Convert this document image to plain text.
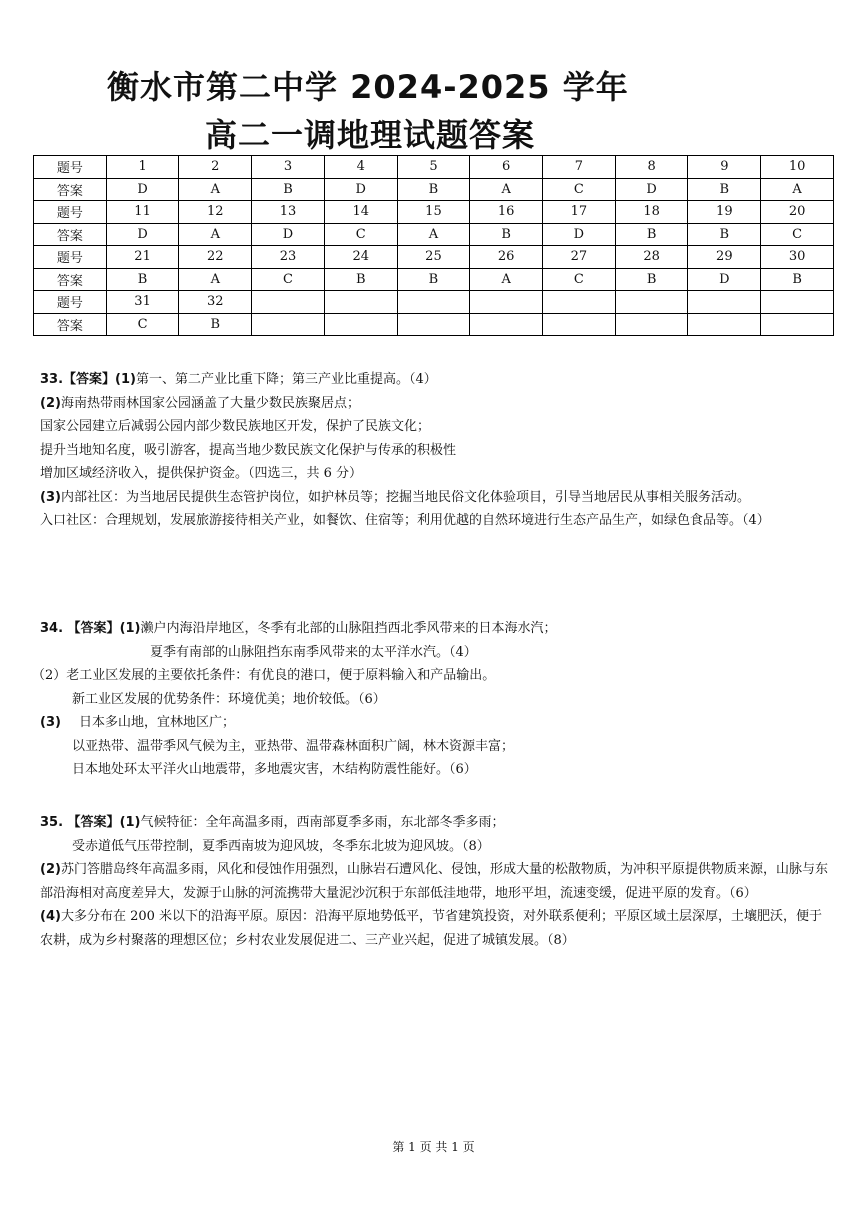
衡水市第二中学 2024-2025 学年
高二一调地理试题答案
题号	1	2	3	4	5	6	7	8	9	10
答案	D	A	B	D	B	A	C	D	B	A
题号	11	12	13	14	15	16	17	18	19	20
答案	D	A	D	C	A	B	D	B	B	C
题号	21	22	23	24	25	26	27	28	29	30
答案	B	A	C	B	B	A	C	B	D	B
题号	31	32								
答案	C	B								

33.【答案】(1)第一、第二产业比重下降；第三产业比重提高。（4）

(2)海南热带雨林国家公园涵盖了大量少数民族聚居点；

国家公园建立后减弱公园内部少数民族地区开发，保护了民族文化；

提升当地知名度，吸引游客，提高当地少数民族文化保护与传承的积极性

增加区域经济收入，提供保护资金。（四选三，共 6 分）

(3)内部社区：为当地居民提供生态管护岗位，如护林员等；挖掘当地民俗文化体验项目，引导当地居民从事相关服务活动。

入口社区：合理规划，发展旅游接待相关产业，如餐饮、住宿等；利用优越的自然环境进行生态产品生产，如绿色食品等。（4）

34. 【答案】(1)濑户内海沿岸地区，冬季有北部的山脉阻挡西北季风带来的日本海水汽；

夏季有南部的山脉阻挡东南季风带来的太平洋水汽。（4）

（2）老工业区发展的主要依托条件：有优良的港口，便于原料输入和产品输出。

新工业区发展的优势条件：环境优美；地价较低。（6）

(3) 日本多山地，宜林地区广；

以亚热带、温带季风气候为主，亚热带、温带森林面积广阔，林木资源丰富；

日本地处环太平洋火山地震带，多地震灾害，木结构防震性能好。（6）

35. 【答案】(1)气候特征：全年高温多雨，西南部夏季多雨，东北部冬季多雨；

受赤道低气压带控制，夏季西南坡为迎风坡，冬季东北坡为迎风坡。（8）

(2)苏门答腊岛终年高温多雨，风化和侵蚀作用强烈，山脉岩石遭风化、侵蚀，形成大量的松散物质，为冲积平原提供物质来源，山脉与东部沿海相对高度差异大，发源于山脉的河流携带大量泥沙沉积于东部低洼地带，地形平坦，流速变缓，促进平原的发育。（6）

(4)大多分布在 200 米以下的沿海平原。原因：沿海平原地势低平，节省建筑投资，对外联系便利；平原区域土层深厚，土壤肥沃，便于农耕，成为乡村聚落的理想区位；乡村农业发展促进二、三产业兴起，促进了城镇发展。（8）

第 1 页 共 1 页
